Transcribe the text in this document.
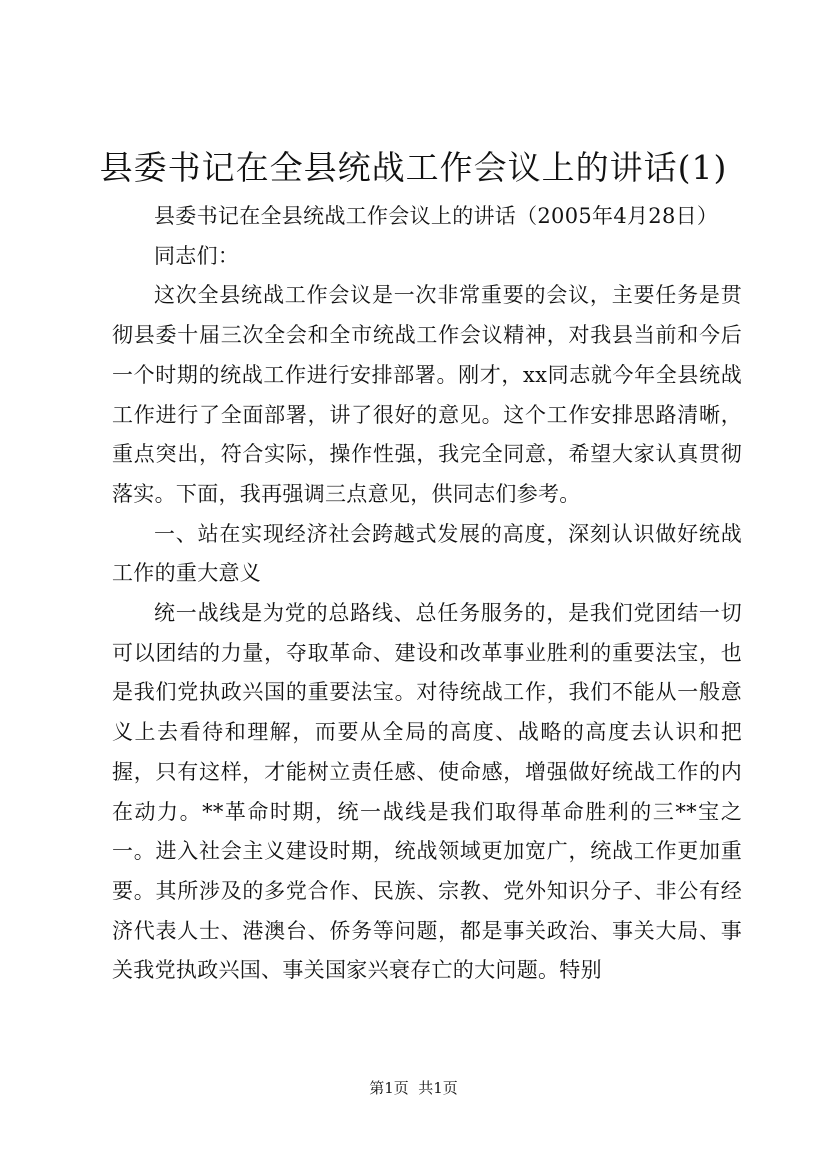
县委书记在全县统战工作会议上的讲话(1)

县委书记在全县统战工作会议上的讲话（2005年4月28日）

同志们：

这次全县统战工作会议是一次非常重要的会议，主要任务是贯彻县委十届三次全会和全市统战工作会议精神，对我县当前和今后一个时期的统战工作进行安排部署。刚才，xx同志就今年全县统战工作进行了全面部署，讲了很好的意见。这个工作安排思路清晰，重点突出，符合实际，操作性强，我完全同意，希望大家认真贯彻落实。下面，我再强调三点意见，供同志们参考。

一、站在实现经济社会跨越式发展的高度，深刻认识做好统战工作的重大意义

统一战线是为党的总路线、总任务服务的，是我们党团结一切可以团结的力量，夺取革命、建设和改革事业胜利的重要法宝，也是我们党执政兴国的重要法宝。对待统战工作，我们不能从一般意义上去看待和理解，而要从全局的高度、战略的高度去认识和把握，只有这样，才能树立责任感、使命感，增强做好统战工作的内在动力。**革命时期，统一战线是我们取得革命胜利的三**宝之一。进入社会主义建设时期，统战领域更加宽广，统战工作更加重要。其所涉及的多党合作、民族、宗教、党外知识分子、非公有经济代表人士、港澳台、侨务等问题，都是事关政治、事关大局、事关我党执政兴国、事关国家兴衰存亡的大问题。特别

第1页  共1页
